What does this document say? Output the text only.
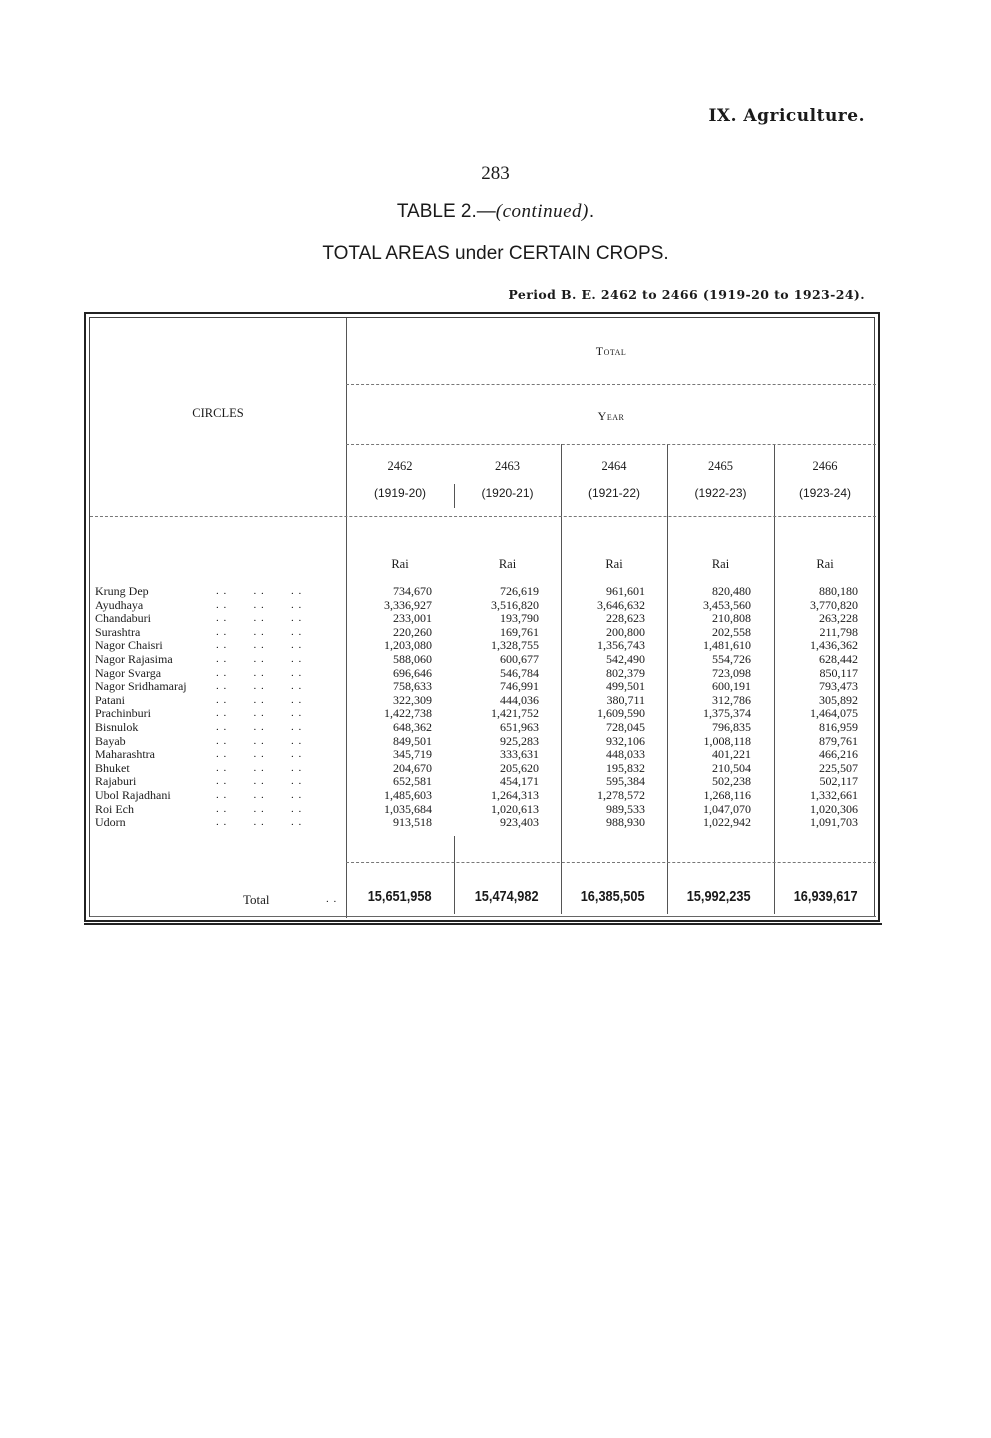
IX. Agriculture.
283
TABLE 2.—(continued).
TOTAL AREAS under CERTAIN CROPS.
Period B. E. 2462 to 2466 (1919-20 to 1923-24).
CIRCLES
Total
Year
2462
(1919-20)
Rai
2463
(1920-21)
Rai
2464
(1921-22)
Rai
2465
(1922-23)
Rai
2466
(1923-24)
Rai
Krung Dep	. .       . .       . .	734,670	726,619	961,601	820,480	880,180
Ayudhaya	. .       . .       . .	3,336,927	3,516,820	3,646,632	3,453,560	3,770,820
Chandaburi	. .       . .       . .	233,001	193,790	228,623	210,808	263,228
Surashtra	. .       . .       . .	220,260	169,761	200,800	202,558	211,798
Nagor Chaisri	. .       . .       . .	1,203,080	1,328,755	1,356,743	1,481,610	1,436,362
Nagor Rajasima	. .       . .       . .	588,060	600,677	542,490	554,726	628,442
Nagor Svarga	. .       . .       . .	696,646	546,784	802,379	723,098	850,117
Nagor Sridhamaraj	. .       . .       . .	758,633	746,991	499,501	600,191	793,473
Patani	. .       . .       . .	322,309	444,036	380,711	312,786	305,892
Prachinburi	. .       . .       . .	1,422,738	1,421,752	1,609,590	1,375,374	1,464,075
Bisnulok	. .       . .       . .	648,362	651,963	728,045	796,835	816,959
Bayab	. .       . .       . .	849,501	925,283	932,106	1,008,118	879,761
Maharashtra	. .       . .       . .	345,719	333,631	448,033	401,221	466,216
Bhuket	. .       . .       . .	204,670	205,620	195,832	210,504	225,507
Rajaburi	. .       . .       . .	652,581	454,171	595,384	502,238	502,117
Ubol Rajadhani	. .       . .       . .	1,485,603	1,264,313	1,278,572	1,268,116	1,332,661
Roi Ech	. .       . .       . .	1,035,684	1,020,613	989,533	1,047,070	1,020,306
Udorn	. .       . .       . .	913,518	923,403	988,930	1,022,942	1,091,703
Total	. . 15,651,958	15,474,982	16,385,505	15,992,235	16,939,617
